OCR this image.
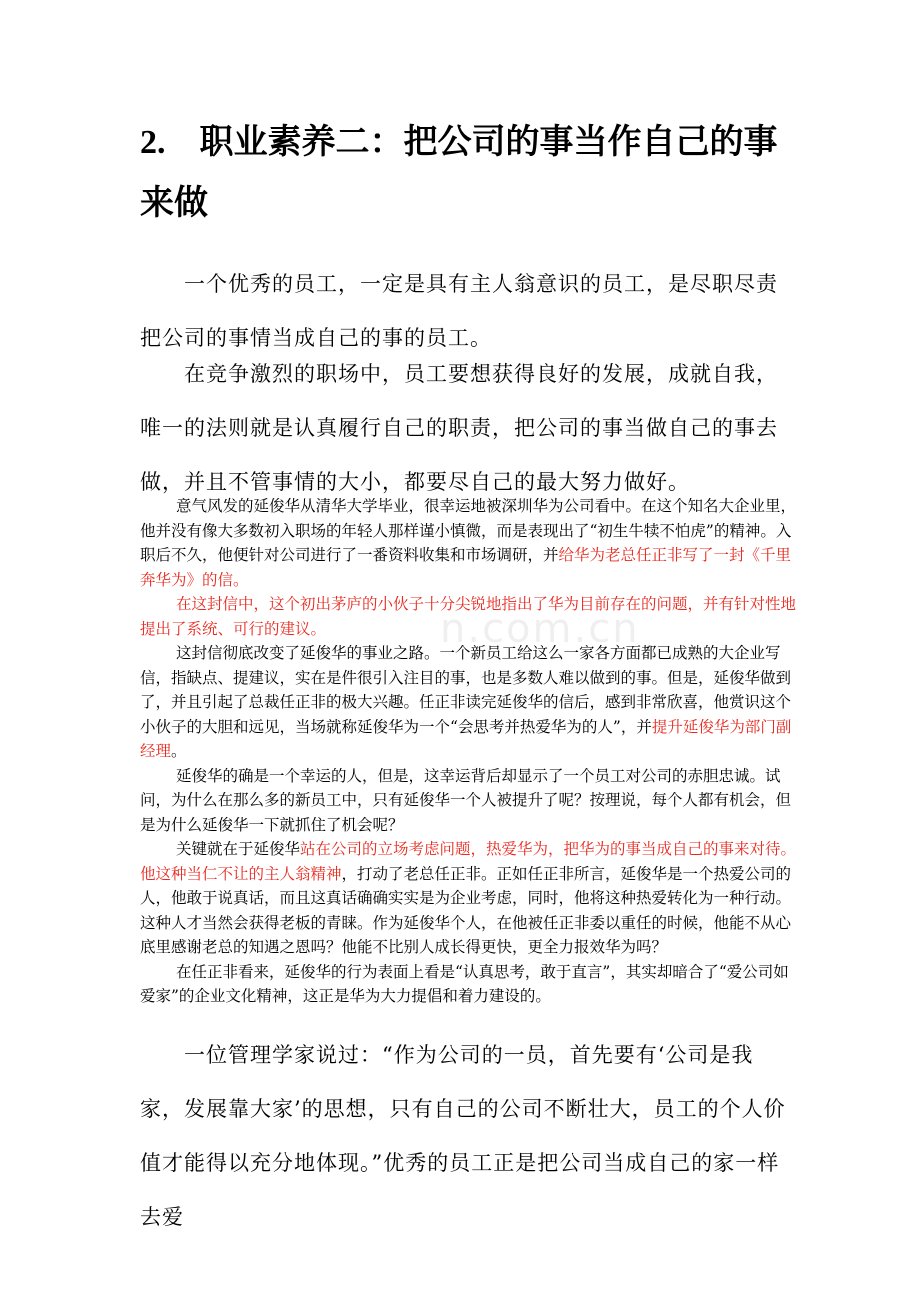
2. 职业素养二：把公司的事当作自己的事来做

一个优秀的员工，一定是具有主人翁意识的员工，是尽职尽责把公司的事情当成自己的事的员工。

在竞争激烈的职场中，员工要想获得良好的发展，成就自我，唯一的法则就是认真履行自己的职责，把公司的事当做自己的事去做，并且不管事情的大小，都要尽自己的最大努力做好。

意气风发的延俊华从清华大学毕业，很幸运地被深圳华为公司看中。在这个知名大企业里，他并没有像大多数初入职场的年轻人那样谨小慎微，而是表现出了“初生牛犊不怕虎”的精神。入职后不久，他便针对公司进行了一番资料收集和市场调研，并给华为老总任正非写了一封《千里奔华为》的信。

在这封信中，这个初出茅庐的小伙子十分尖锐地指出了华为目前存在的问题，并有针对性地提出了系统、可行的建议。

这封信彻底改变了延俊华的事业之路。一个新员工给这么一家各方面都已成熟的大企业写信，指缺点、提建议，实在是件很引入注目的事，也是多数人难以做到的事。但是，延俊华做到了，并且引起了总裁任正非的极大兴趣。任正非读完延俊华的信后，感到非常欣喜，他赏识这个小伙子的大胆和远见，当场就称延俊华为一个“会思考并热爱华为的人”，并提升延俊华为部门副经理。

延俊华的确是一个幸运的人，但是，这幸运背后却显示了一个员工对公司的赤胆忠诚。试问，为什么在那么多的新员工中，只有延俊华一个人被提升了呢？按理说，每个人都有机会，但是为什么延俊华一下就抓住了机会呢？

关键就在于延俊华站在公司的立场考虑问题，热爱华为，把华为的事当成自己的事来对待。他这种当仁不让的主人翁精神，打动了老总任正非。正如任正非所言，延俊华是一个热爱公司的人，他敢于说真话，而且这真话确确实实是为企业考虑，同时，他将这种热爱转化为一种行动。这种人才当然会获得老板的青睐。作为延俊华个人，在他被任正非委以重任的时候，他能不从心底里感谢老总的知遇之恩吗？他能不比别人成长得更快，更全力报效华为吗？

在任正非看来，延俊华的行为表面上看是“认真思考，敢于直言”，其实却暗合了“爱公司如爱家”的企业文化精神，这正是华为大力提倡和着力建设的。

一位管理学家说过：“作为公司的一员，首先要有‘公司是我家，发展靠大家’的思想，只有自己的公司不断壮大，员工的个人价值才能得以充分地体现。”优秀的员工正是把公司当成自己的家一样去爱

n.com.cn
